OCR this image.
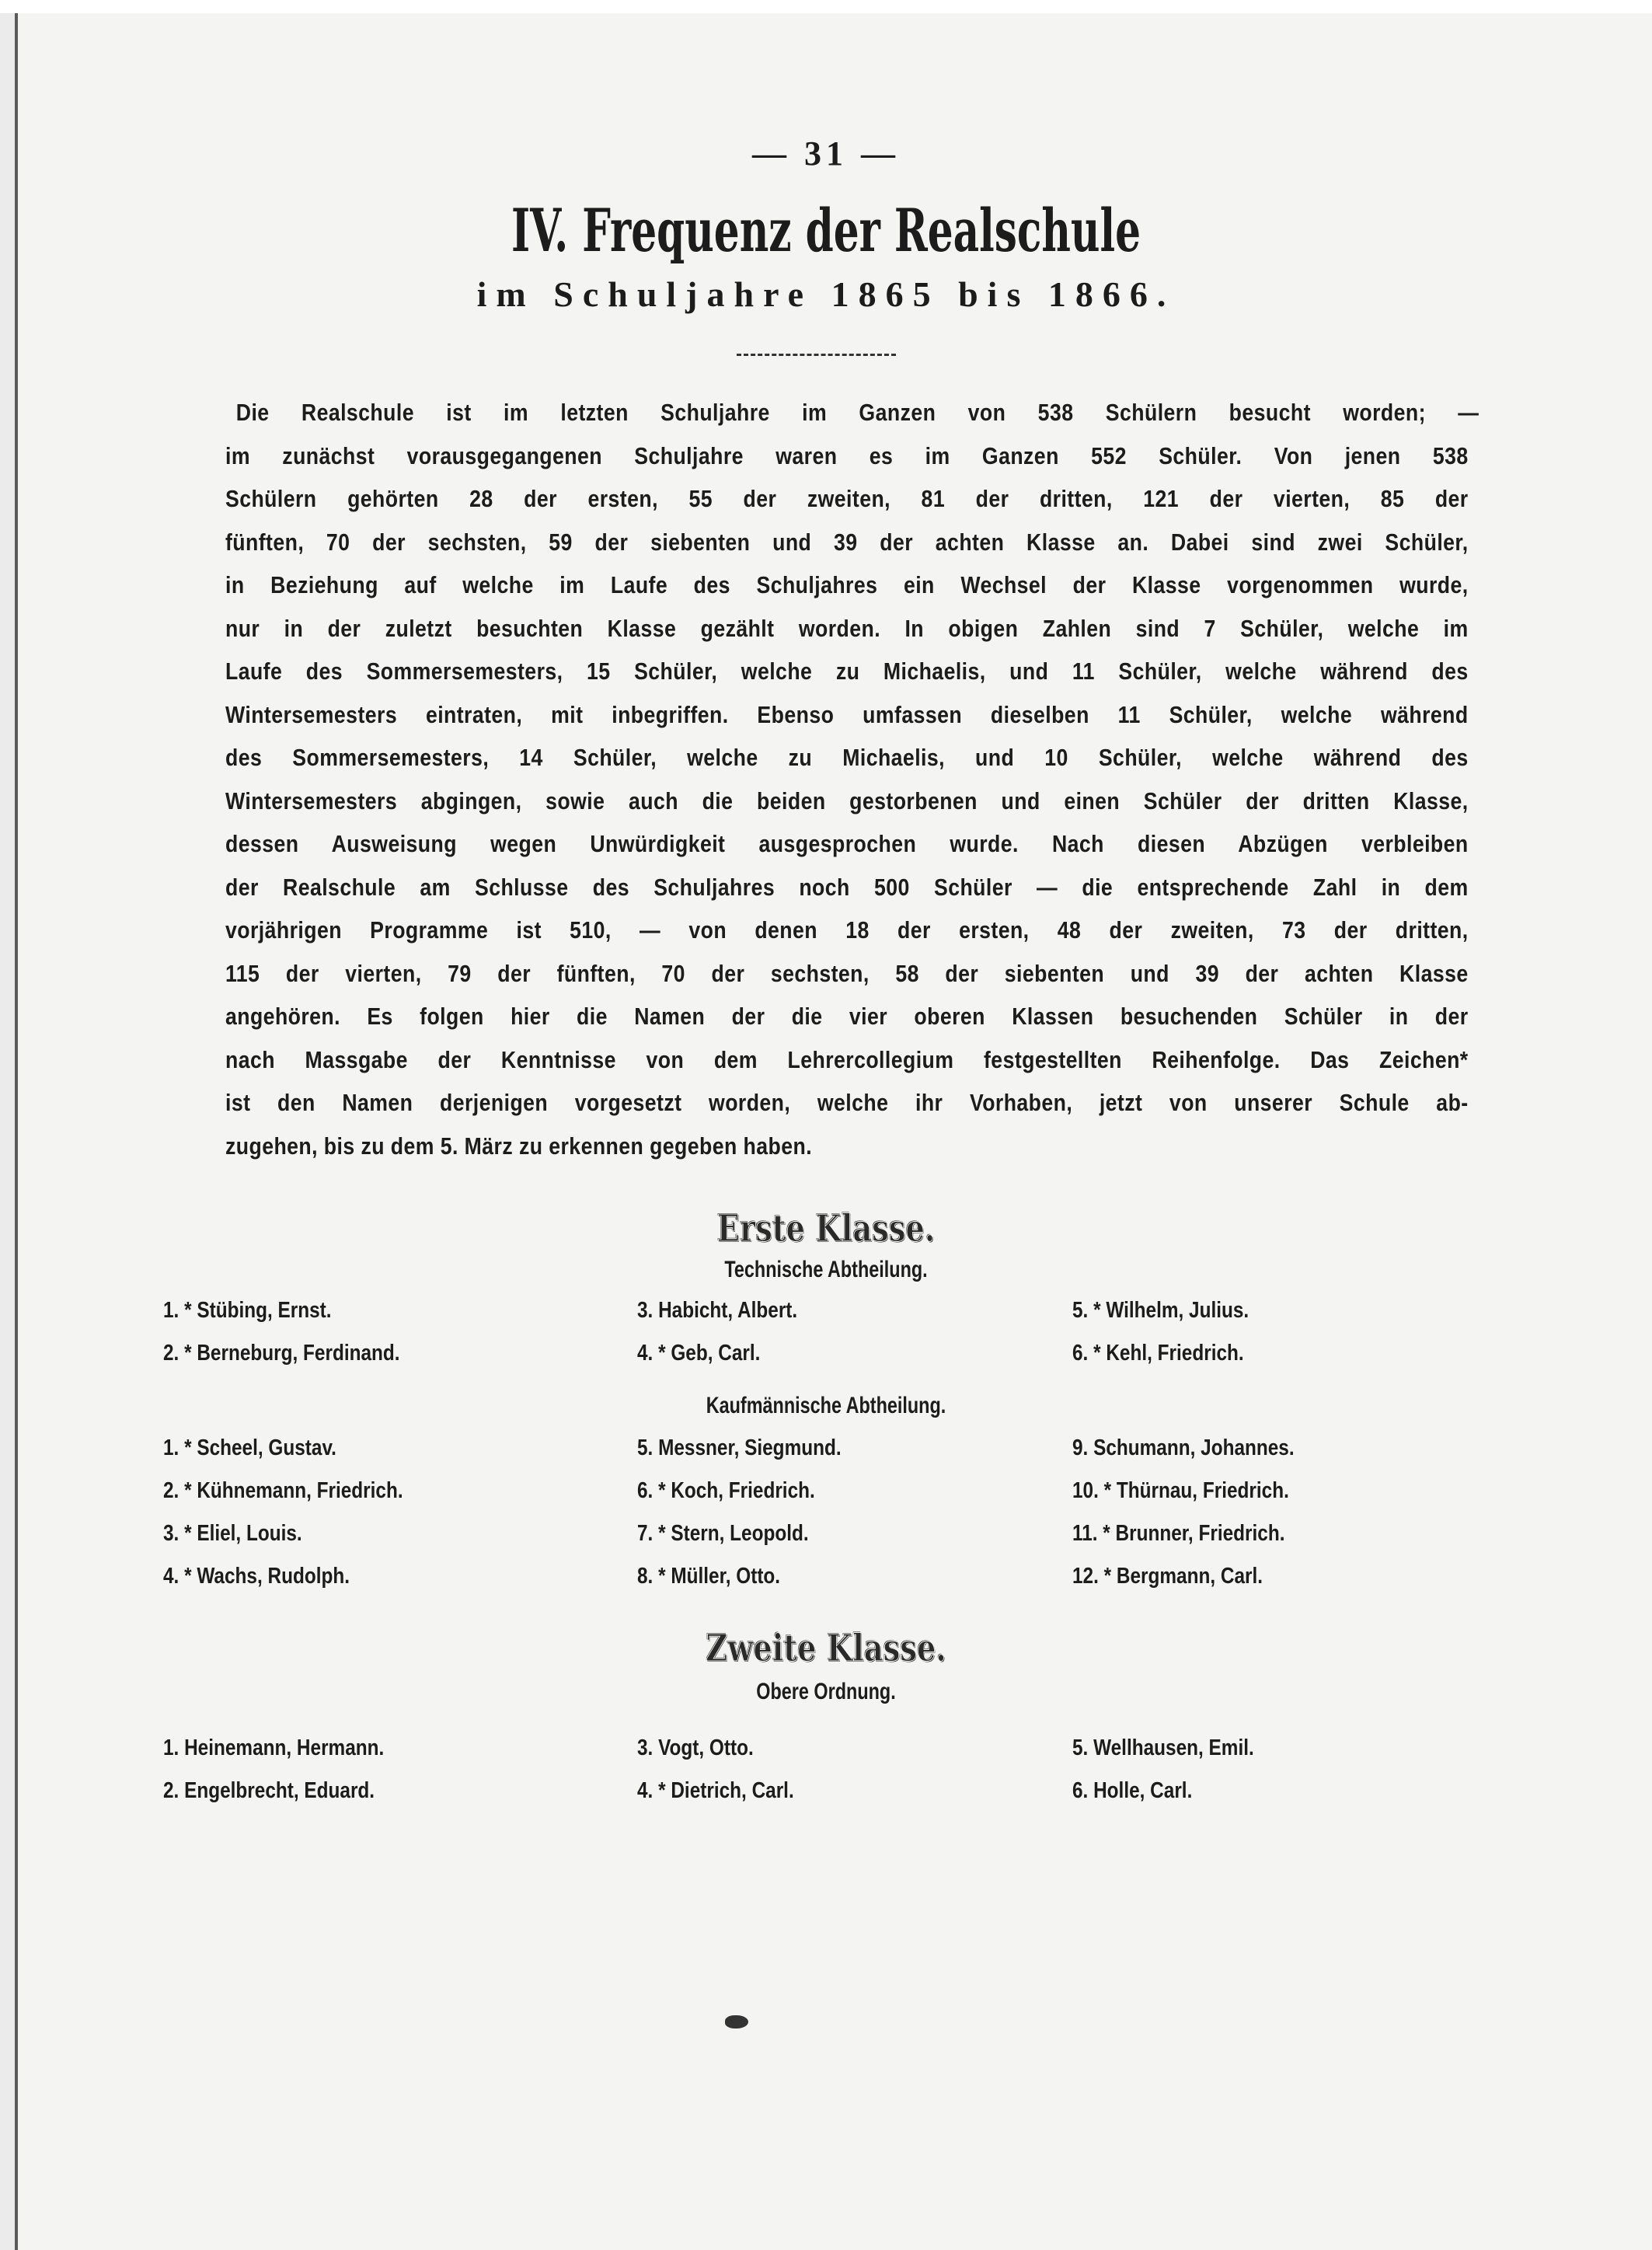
— 31 —
IV. Frequenz der Realschule
im Schuljahre 1865 bis 1866.
Die Realschule ist im letzten Schuljahre im Ganzen von 538 Schülern besucht worden; —
im zunächst vorausgegangenen Schuljahre waren es im Ganzen 552 Schüler. Von jenen 538
Schülern gehörten 28 der ersten, 55 der zweiten, 81 der dritten, 121 der vierten, 85 der
fünften, 70 der sechsten, 59 der siebenten und 39 der achten Klasse an. Dabei sind zwei Schüler,
in Beziehung auf welche im Laufe des Schuljahres ein Wechsel der Klasse vorgenommen wurde,
nur in der zuletzt besuchten Klasse gezählt worden. In obigen Zahlen sind 7 Schüler, welche im
Laufe des Sommersemesters, 15 Schüler, welche zu Michaelis, und 11 Schüler, welche während des
Wintersemesters eintraten, mit inbegriffen. Ebenso umfassen dieselben 11 Schüler, welche während
des Sommersemesters, 14 Schüler, welche zu Michaelis, und 10 Schüler, welche während des
Wintersemesters abgingen, sowie auch die beiden gestorbenen und einen Schüler der dritten Klasse,
dessen Ausweisung wegen Unwürdigkeit ausgesprochen wurde. Nach diesen Abzügen verbleiben
der Realschule am Schlusse des Schuljahres noch 500 Schüler — die entsprechende Zahl in dem
vorjährigen Programme ist 510, — von denen 18 der ersten, 48 der zweiten, 73 der dritten,
115 der vierten, 79 der fünften, 70 der sechsten, 58 der siebenten und 39 der achten Klasse
angehören. Es folgen hier die Namen der die vier oberen Klassen besuchenden Schüler in der
nach Massgabe der Kenntnisse von dem Lehrercollegium festgestellten Reihenfolge. Das Zeichen*
ist den Namen derjenigen vorgesetzt worden, welche ihr Vorhaben, jetzt von unserer Schule ab-
zugehen, bis zu dem 5. März zu erkennen gegeben haben.
Erste Klasse.
Technische Abtheilung.
1. * Stübing, Ernst.	3. Habicht, Albert.	5. * Wilhelm, Julius.
2. * Berneburg, Ferdinand.	4. * Geb, Carl.	6. * Kehl, Friedrich.
Kaufmännische Abtheilung.
1. * Scheel, Gustav.	5. Messner, Siegmund.	9. Schumann, Johannes.
2. * Kühnemann, Friedrich.	6. * Koch, Friedrich.	10. * Thürnau, Friedrich.
3. * Eliel, Louis.	7. * Stern, Leopold.	11. * Brunner, Friedrich.
4. * Wachs, Rudolph.	8. * Müller, Otto.	12. * Bergmann, Carl.
Zweite Klasse.
Obere Ordnung.
1. Heinemann, Hermann.	3. Vogt, Otto.	5. Wellhausen, Emil.
2. Engelbrecht, Eduard.	4. * Dietrich, Carl.	6. Holle, Carl.
